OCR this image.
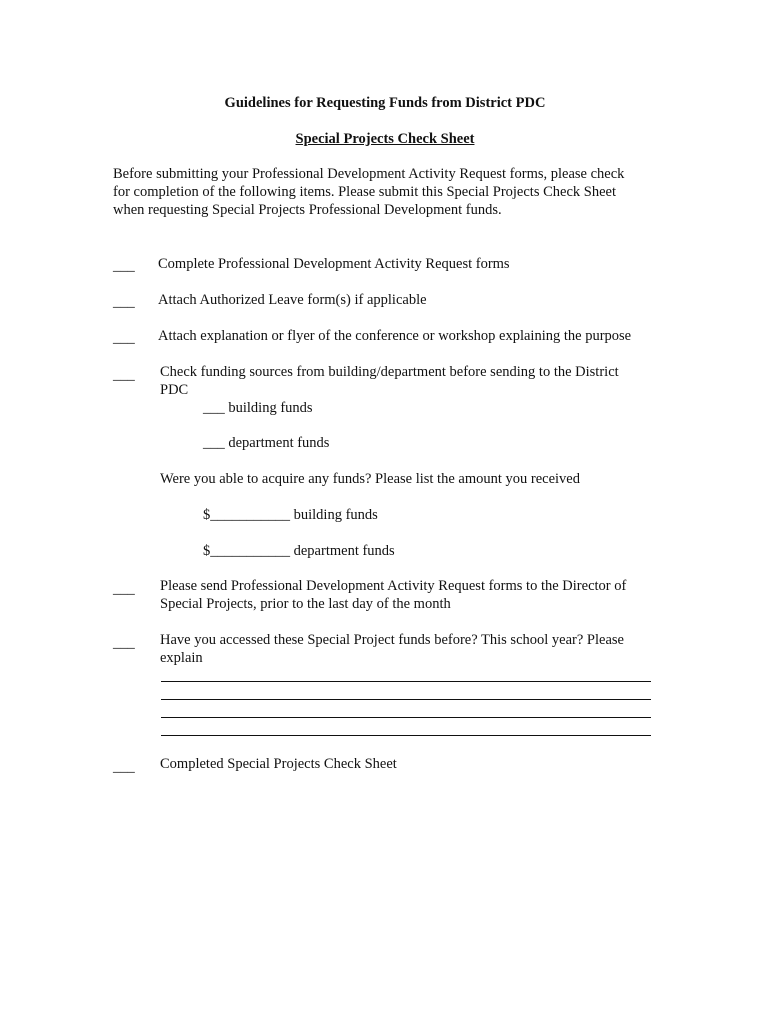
Guidelines for Requesting Funds from District PDC
Special Projects Check Sheet
Before submitting your Professional Development Activity Request forms, please check
for completion of the following items. Please submit this Special Projects Check Sheet
when requesting Special Projects Professional Development funds.
___ Complete Professional Development Activity Request forms
___ Attach Authorized Leave form(s) if applicable
___ Attach explanation or flyer of the conference or workshop explaining the purpose
___ Check funding sources from building/department before sending to the District
PDC
___ building funds
___ department funds
Were you able to acquire any funds? Please list the amount you received
$___________ building funds
$___________ department funds
___ Please send Professional Development Activity Request forms to the Director of
Special Projects, prior to the last day of the month
___ Have you accessed these Special Project funds before? This school year? Please
explain
___ Completed Special Projects Check Sheet
